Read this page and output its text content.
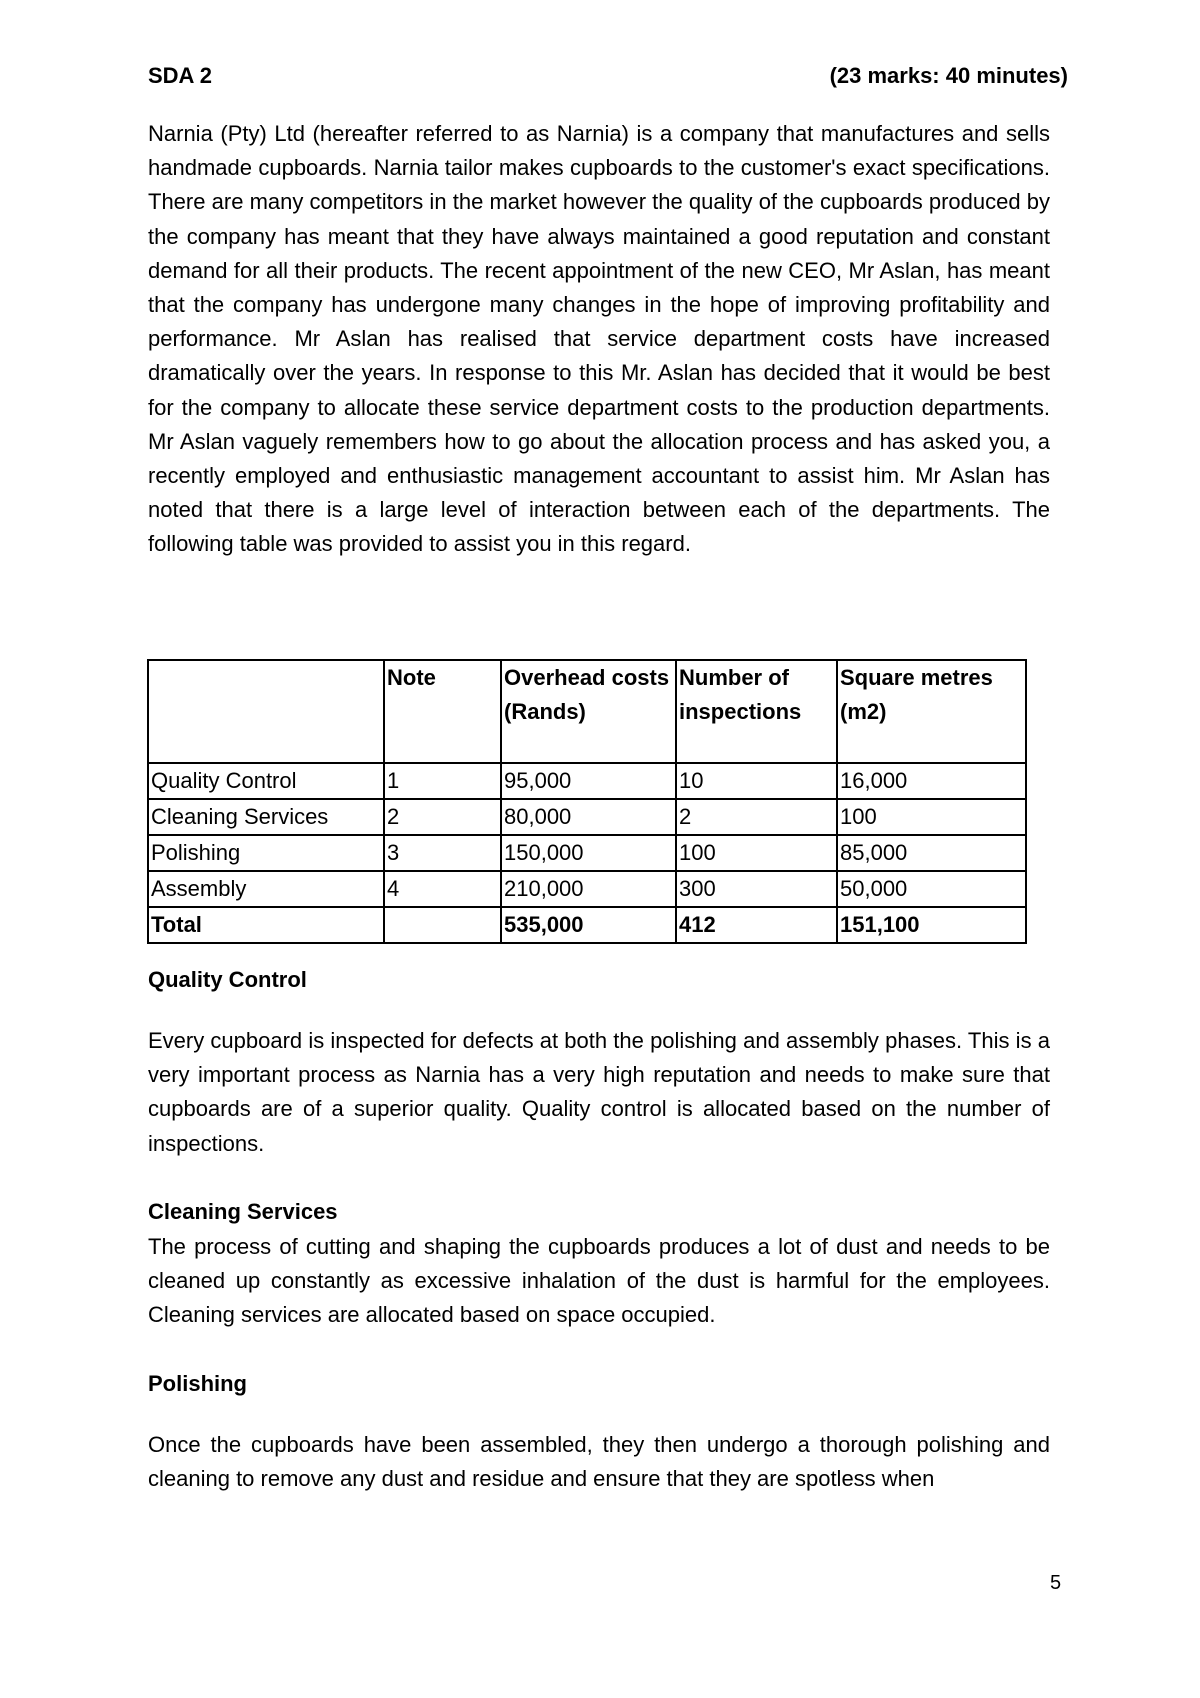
SDA 2	(23 marks: 40 minutes)

Narnia (Pty) Ltd (hereafter referred to as Narnia) is a company that manufactures and sells handmade cupboards. Narnia tailor makes cupboards to the customer's exact specifications. There are many competitors in the market however the quality of the cupboards produced by the company has meant that they have always maintained a good reputation and constant demand for all their products. The recent appointment of the new CEO, Mr Aslan, has meant that the company has undergone many changes in the hope of improving profitability and performance. Mr Aslan has realised that service department costs have increased dramatically over the years. In response to this Mr. Aslan has decided that it would be best for the company to allocate these service department costs to the production departments. Mr Aslan vaguely remembers how to go about the allocation process and has asked you, a recently employed and enthusiastic management accountant to assist him. Mr Aslan has noted that there is a large level of interaction between each of the departments. The following table was provided to assist you in this regard.

	Note	Overhead costs (Rands)	Number of inspections	Square metres (m2)
Quality Control	1	95,000	10	16,000
Cleaning Services	2	80,000	2	100
Polishing	3	150,000	100	85,000
Assembly	4	210,000	300	50,000
Total		535,000	412	151,100
Quality Control

Every cupboard is inspected for defects at both the polishing and assembly phases. This is a very important process as Narnia has a very high reputation and needs to make sure that cupboards are of a superior quality. Quality control is allocated based on the number of inspections.

Cleaning Services

The process of cutting and shaping the cupboards produces a lot of dust and needs to be cleaned up constantly as excessive inhalation of the dust is harmful for the employees. Cleaning services are allocated based on space occupied.

Polishing

Once the cupboards have been assembled, they then undergo a thorough polishing and cleaning to remove any dust and residue and ensure that they are spotless when

5
